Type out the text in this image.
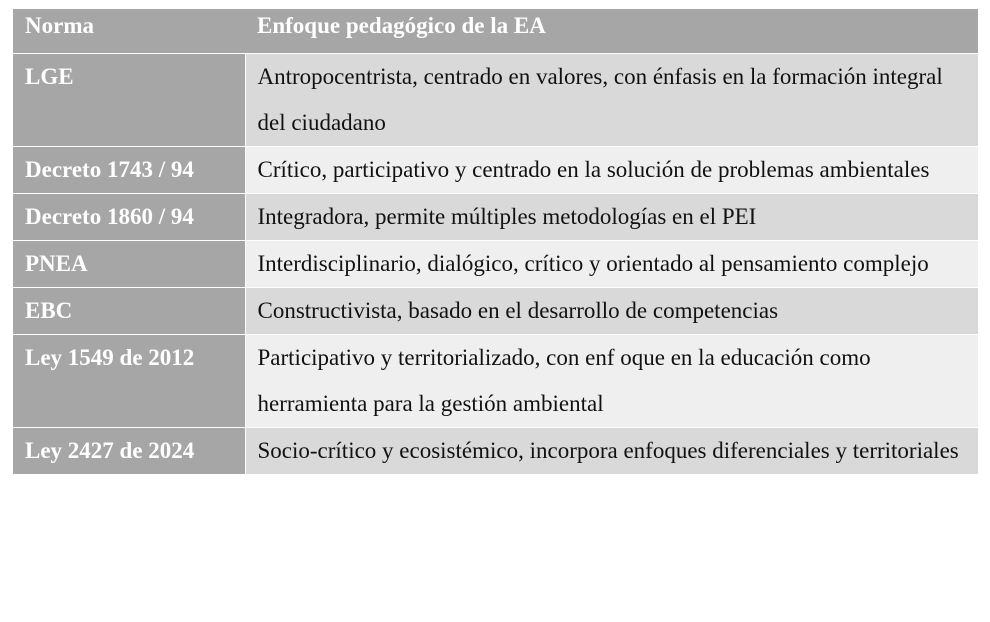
Norma	Enfoque pedagógico de la EA
LGE	Antropocentrista, centrado en valores, con énfasis en la formación integral del ciudadano
Decreto 1743 / 94	Crítico, participativo y centrado en la solución de problemas ambientales
Decreto 1860 / 94	Integradora, permite múltiples metodologías en el PEI
PNEA	Interdisciplinario, dialógico, crítico y orientado al pensamiento complejo
EBC	Constructivista, basado en el desarrollo de competencias
Ley 1549 de 2012	Participativo y territorializado, con enf oque en la educación como herramienta para la gestión ambiental
Ley 2427 de 2024	Socio-crítico y ecosistémico, incorpora enfoques diferenciales y territoriales
